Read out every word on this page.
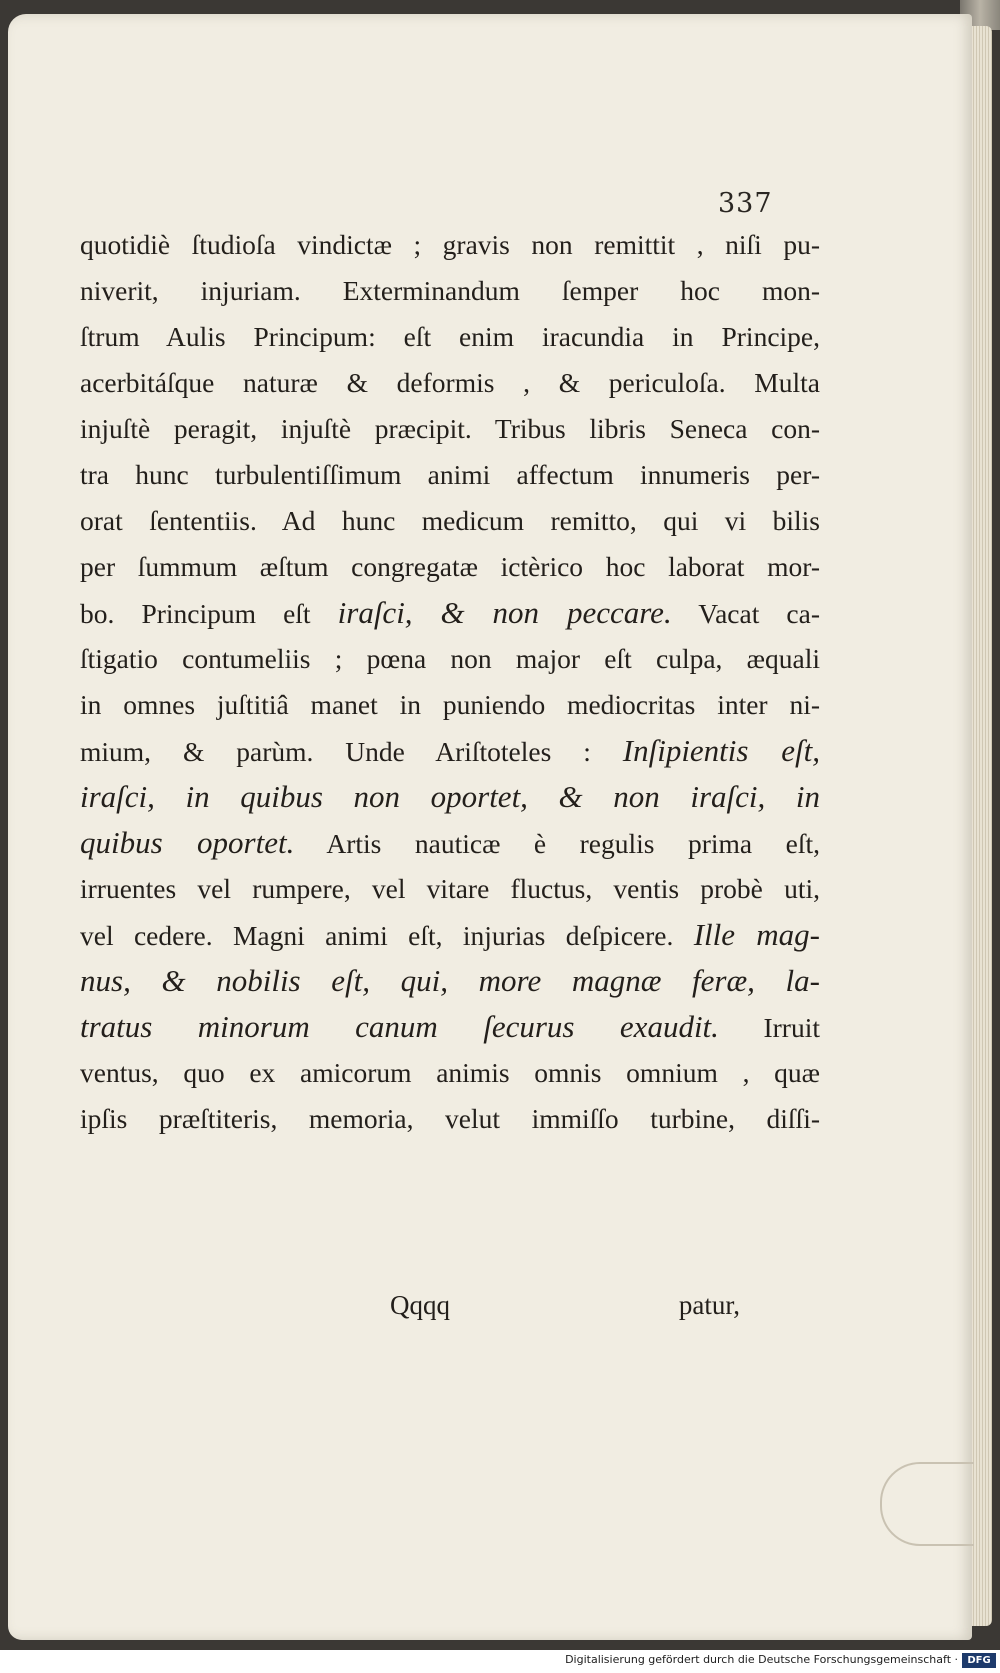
337
quotidiè ſtudioſa vindictæ ; gravis non remittit , niſi pu-
niverit, injuriam. Exterminandum ſemper hoc mon-
ſtrum Aulis Principum: eſt enim iracundia in Principe,
acerbitáſque naturæ & deformis , & periculoſa. Multa
injuſtè peragit, injuſtè præcipit. Tribus libris Seneca con-
tra hunc turbulentiſſimum animi affectum innumeris per-
orat ſententiis. Ad hunc medicum remitto, qui vi bilis
per ſummum æſtum congregatæ ictèrico hoc laborat mor-
bo. Principum eſt iraſci, & non peccare. Vacat ca-
ſtigatio contumeliis ; pœna non major eſt culpa, æquali
in omnes juſtitiâ manet in puniendo mediocritas inter ni-
mium, & parùm. Unde Ariſtoteles : Inſipientis eſt,
iraſci, in quibus non oportet, & non iraſci, in
quibus oportet. Artis nauticæ è regulis prima eſt,
irruentes vel rumpere, vel vitare fluctus, ventis probè uti,
vel cedere. Magni animi eſt, injurias deſpicere. Ille mag-
nus, & nobilis eſt, qui, more magnæ feræ, la-
tratus minorum canum ſecurus exaudit. Irruit
ventus, quo ex amicorum animis omnis omnium , quæ
ipſis præſtiteris, memoria, velut immiſſo turbine, diſſi-
Qqqq	patur,
Digitalisierung gefördert durch die Deutsche Forschungsgemeinschaft · DFG
